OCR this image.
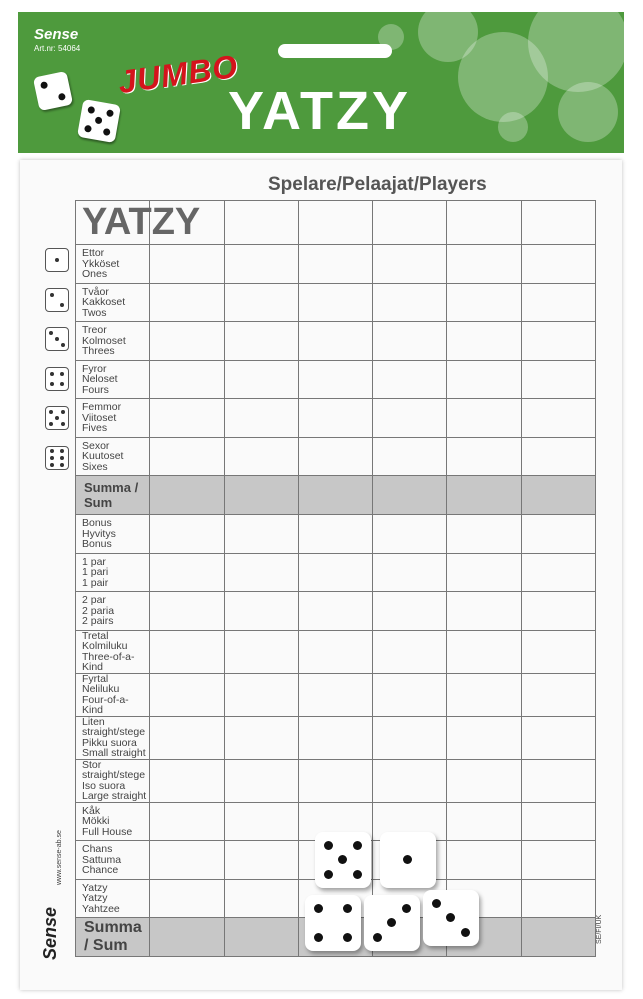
Sense
Art.nr: 54064 JUMBO
YATZY
Spelare/Pelaajat/Players
YATZY						

Ettor
Ykköset
Ones						

Tvåor
Kakkoset
Twos						

Treor
Kolmoset
Threes						

Fyror
Neloset
Fours						

Femmor
Viitoset
Fives						

Sexor
Kuutoset
Sixes						

Summa / Sum						

Bonus
Hyvitys
Bonus						

1 par
1 pari
1 pair						

2 par
2 paria
2 pairs						

Tretal
Kolmiluku
Three-of-a-Kind						

Fyrtal
Neliluku
Four-of-a-Kind						

Liten straight/stege
Pikku suora
Small straight						

Stor straight/stege
Iso suora
Large straight						

Kåk
Mökki
Full House						

Chans
Sattuma
Chance						

Yatzy
Yatzy
Yahtzee						

Summa / Sum						
www.sense-ab.se
Sense	SE/FI/UK
